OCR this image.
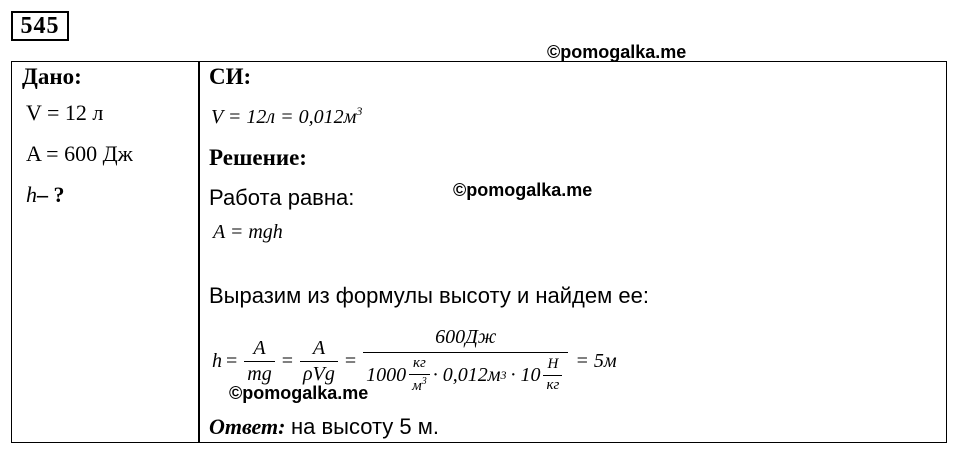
545
©pomogalka.me
Дано:
V = 12 л
A = 600 Дж
h– ?
СИ:
$V = 12л = 0,012м^3$
Решение:
Работа равна:	©pomogalka.me
A = mgh
Выразим из формулы высоту и найдем ее:
$h = \frac{A}{mg} = \frac{A}{\text{ρVg}}$ =
600Дж
$1000 \frac{кг}{м^3} \cdot 0,012м$ $3 \cdot 10 \frac{Н}{кг} = 5м$
©pomogalka.me
Ответ: на высоту 5 м.
